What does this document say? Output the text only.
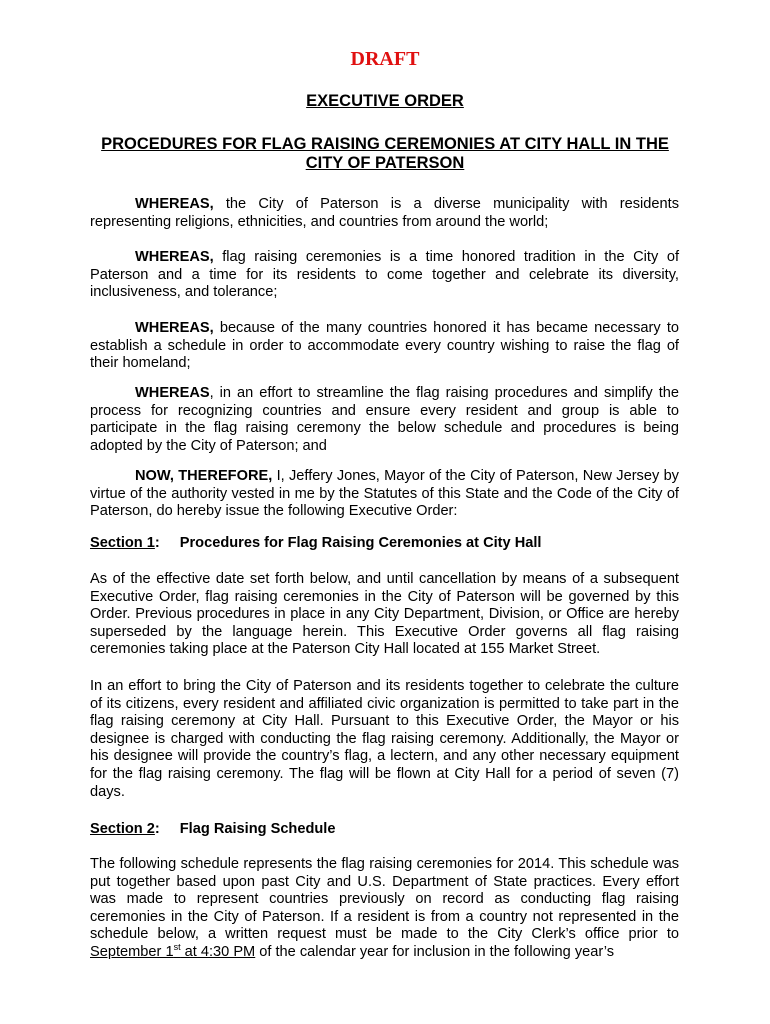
DRAFT
EXECUTIVE ORDER
PROCEDURES FOR FLAG RAISING CEREMONIES AT CITY HALL IN THE CITY OF PATERSON
WHEREAS, the City of Paterson is a diverse municipality with residents representing religions, ethnicities, and countries from around the world;
WHEREAS, flag raising ceremonies is a time honored tradition in the City of Paterson and a time for its residents to come together and celebrate its diversity, inclusiveness, and tolerance;
WHEREAS, because of the many countries honored it has became necessary to establish a schedule in order to accommodate every country wishing to raise the flag of their homeland;
WHEREAS, in an effort to streamline the flag raising procedures and simplify the process for recognizing countries and ensure every resident and group is able to participate in the flag raising ceremony the below schedule and procedures is being adopted by the City of Paterson; and
NOW, THEREFORE, I, Jeffery Jones, Mayor of the City of Paterson, New Jersey by virtue of the authority vested in me by the Statutes of this State and the Code of the City of Paterson, do hereby issue the following Executive Order:
Section 1: Procedures for Flag Raising Ceremonies at City Hall
As of the effective date set forth below, and until cancellation by means of a subsequent Executive Order, flag raising ceremonies in the City of Paterson will be governed by this Order. Previous procedures in place in any City Department, Division, or Office are hereby superseded by the language herein. This Executive Order governs all flag raising ceremonies taking place at the Paterson City Hall located at 155 Market Street.
In an effort to bring the City of Paterson and its residents together to celebrate the culture of its citizens, every resident and affiliated civic organization is permitted to take part in the flag raising ceremony at City Hall. Pursuant to this Executive Order, the Mayor or his designee is charged with conducting the flag raising ceremony. Additionally, the Mayor or his designee will provide the country’s flag, a lectern, and any other necessary equipment for the flag raising ceremony. The flag will be flown at City Hall for a period of seven (7) days.
Section 2: Flag Raising Schedule
The following schedule represents the flag raising ceremonies for 2014. This schedule was put together based upon past City and U.S. Department of State practices. Every effort was made to represent countries previously on record as conducting flag raising ceremonies in the City of Paterson. If a resident is from a country not represented in the schedule below, a written request must be made to the City Clerk’s office prior to September 1st at 4:30 PM of the calendar year for inclusion in the following year’s
